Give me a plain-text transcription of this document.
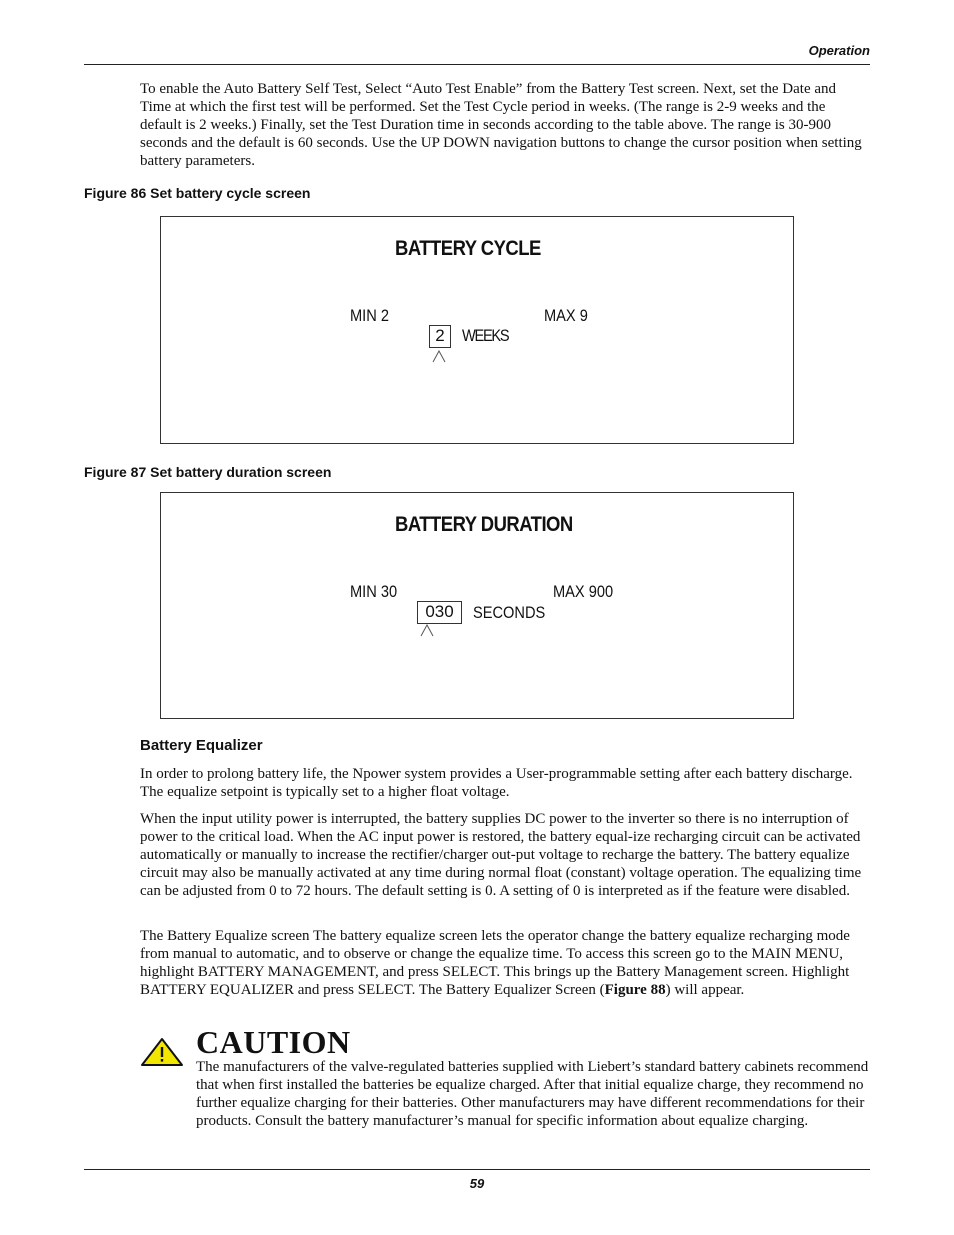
Operation

To enable the Auto Battery Self Test, Select “Auto Test Enable” from the Battery Test screen. Next, set the Date and Time at which the first test will be performed. Set the Test Cycle period in weeks. (The range is 2-9 weeks and the default is 2 weeks.) Finally, set the Test Duration time in seconds according to the table above. The range is 30-900 seconds and the default is 60 seconds. Use the UP DOWN navigation buttons to change the cursor position when setting battery parameters.

Figure 86 Set battery cycle screen
BATTERY CYCLE
MIN 2	MAX 9
2	WEEKS
Figure 87 Set battery duration screen
BATTERY DURATION
MIN 30	MAX 900
030	SECONDS
Battery Equalizer

In order to prolong battery life, the Npower system provides a User-programmable setting after each battery discharge. The equalize setpoint is typically set to a higher float voltage.

When the input utility power is interrupted, the battery supplies DC power to the inverter so there is no interruption of power to the critical load. When the AC input power is restored, the battery equal-ize recharging circuit can be activated automatically or manually to increase the rectifier/charger out-put voltage to recharge the battery. The battery equalize circuit may also be manually activated at any time during normal float (constant) voltage operation. The equalizing time can be adjusted from 0 to 72 hours. The default setting is 0. A setting of 0 is interpreted as if the feature were disabled.

The Battery Equalize screen The battery equalize screen lets the operator change the battery equalize recharging mode from manual to automatic, and to observe or change the equalize time. To access this screen go to the MAIN MENU, highlight BATTERY MANAGEMENT, and press SELECT. This brings up the Battery Management screen. Highlight BATTERY EQUALIZER and press SELECT. The Battery Equalizer Screen (Figure 88) will appear.

CAUTION
The manufacturers of the valve-regulated batteries supplied with Liebert’s standard battery cabinets recommend that when first installed the batteries be equalize charged. After that initial equalize charge, they recommend no further equalize charging for their batteries. Other manufacturers may have different recommendations for their products. Consult the battery manufacturer’s manual for specific information about equalize charging.
59
